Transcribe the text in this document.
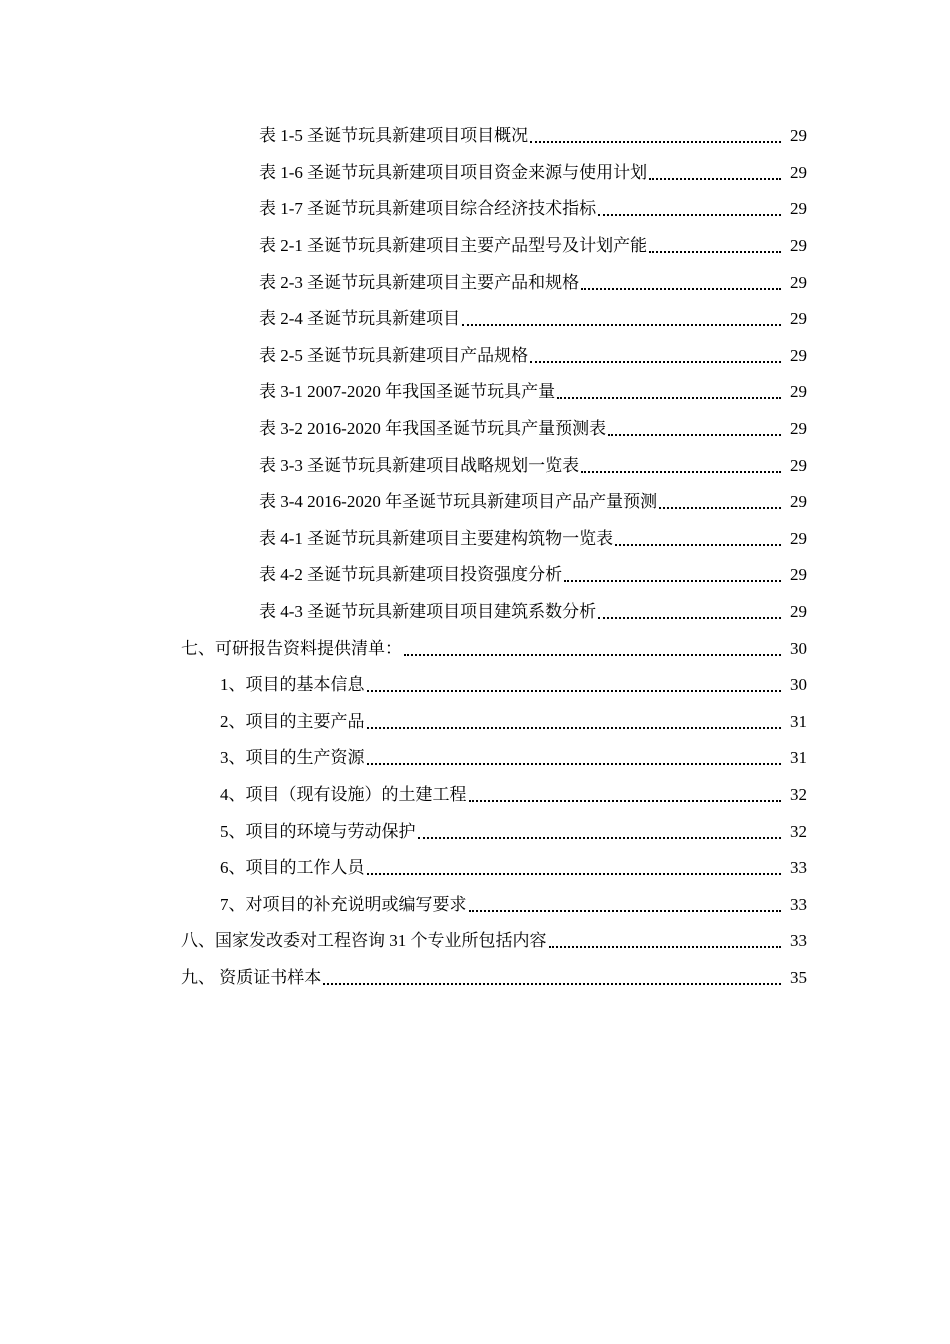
表 1-5 圣诞节玩具新建项目项目概况	29
表 1-6 圣诞节玩具新建项目项目资金来源与使用计划	29
表 1-7 圣诞节玩具新建项目综合经济技术指标	29
表 2-1 圣诞节玩具新建项目主要产品型号及计划产能	29
表 2-3 圣诞节玩具新建项目主要产品和规格	29
表 2-4 圣诞节玩具新建项目	29
表 2-5 圣诞节玩具新建项目产品规格	29
表 3-1 2007-2020 年我国圣诞节玩具产量	29
表 3-2 2016-2020 年我国圣诞节玩具产量预测表	29
表 3-3 圣诞节玩具新建项目战略规划一览表	29
表 3-4 2016-2020 年圣诞节玩具新建项目产品产量预测	29
表 4-1 圣诞节玩具新建项目主要建构筑物一览表	29
表 4-2 圣诞节玩具新建项目投资强度分析	29
表 4-3 圣诞节玩具新建项目项目建筑系数分析	29
七、可研报告资料提供清单：	30
1、项目的基本信息	30
2、项目的主要产品	31
3、项目的生产资源	31
4、项目（现有设施）的土建工程	32
5、项目的环境与劳动保护	32
6、项目的工作人员	33
7、对项目的补充说明或编写要求	33
八、国家发改委对工程咨询 31 个专业所包括内容	33
九、 资质证书样本	35
